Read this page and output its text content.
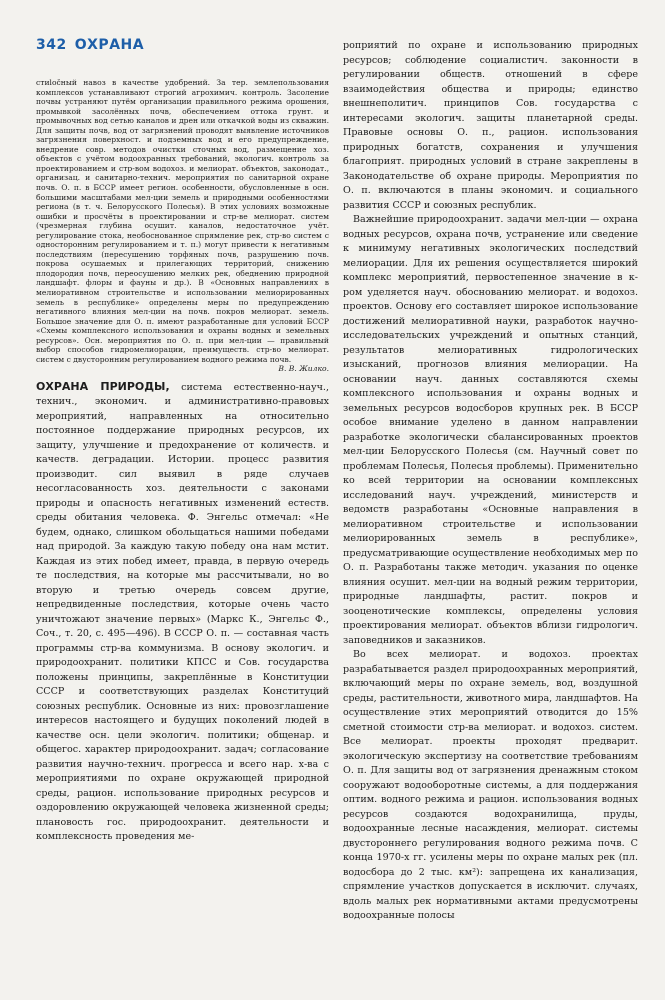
342 ОХРАНА

стиločный навоз в качестве удобрений. За тер. землепользования комплексов устанавливают строгий агрохимич. контроль. Засоление почвы устраняют путём организации правильного режима орошения, промывкой засолённых почв, обеспечением оттока грунт. и промывочных вод сетью каналов и дрен или откачкой воды из скважин. Для защиты почв, вод от загрязнений проводят выявление источников загрязнения поверхност. и подземных вод и его предупреждение, внедрение совр. методов очистки сточных вод, размещение хоз. объектов с учётом водоохранных требований, экологич. контроль за проектированием и стр-вом водохоз. и мелиорат. объектов, законодат., организац. и санитарно-технич. мероприятия по санитарной охране почв. О. п. в БССР имеет регион. особенности, обусловленные в осн. большими масштабами мел-ции земель и природными особенностями региона (в т. ч. Белорусского Полесья). В этих условиях возможные ошибки и просчёты в проектировании и стр-ве мелиорат. систем (чрезмерная глубина осушит. каналов, недостаточное учёт. регулирование стока, необоснованное спрямление рек, стр-во систем с односторонним регулированием и т. п.) могут привести к негативным последствиям (пересушению торфяных почв, разрушению почв. покрова осушаемых и прилегающих территорий, снижению плодородия почв, переосушению мелких рек, обеднению природной ландшафт. флоры и фауны и др.). В «Основных направлениях в мелиоративном строительстве и использовании мелиорированных земель в республике» определены меры по предупреждению негативного влияния мел-ции на почв. покров мелиорат. земель. Большое значение для О. п. имеют разработанные для условий БССР «Схемы комплексного использования и охраны водных и земельных ресурсов». Осн. мероприятия по О. п. при мел-ции — правильный выбор способов гидромелиорации, преимуществ. стр-во мелиорат. систем с двусторонним регулированием водного режима почв.

В. В. Жилко.

ОХРАНА ПРИРОДЫ, система естественно-науч., технич., экономич. и административно-правовых мероприятий, направленных на относительно постоянное поддержание природных ресурсов, их защиту, улучшение и предохранение от количеств. и качеств. деградации. Истории. процесс развития производит. сил выявил в ряде случаев несогласованность хоз. деятельности с законами природы и опасность негативных изменений естеств. среды обитания человека. Ф. Энгельс отмечал: «Не будем, однако, слишком обольщаться нашими победами над природой. За каждую такую победу она нам мстит. Каждая из этих побед имеет, правда, в первую очередь те последствия, на которые мы рассчитывали, но во вторую и третью очередь совсем другие, непредвиденные последствия, которые очень часто уничтожают значение первых» (Маркс К., Энгельс Ф., Соч., т. 20, с. 495—496). В СССР О. п. — составная часть программы стр-ва коммунизма. В основу экологич. и природоохранит. политики КПСС и Сов. государства положены принципы, закреплённые в Конституции СССР и соответствующих разделах Конституций союзных республик. Основные из них: провозглашение интересов настоящего и будущих поколений людей в качестве осн. цели экологич. политики; общенар. и общегос. характер природоохранит. задач; согласование развития научно-технич. прогресса и всего нар. х-ва с мероприятиями по охране окружающей природной среды, рацион. использование природных ресурсов и оздоровлению окружающей человека жизненной среды; плановость гос. природоохранит. деятельности и комплексность проведения ме-

роприятий по охране и использованию природных ресурсов; соблюдение социалистич. законности в регулировании обществ. отношений в сфере взаимодействия общества и природы; единство внешнеполитич. принципов Сов. государства с интересами экологич. защиты планетарной среды. Правовые основы О. п., рацион. использования природных богатств, сохранения и улучшения благоприят. природных условий в стране закреплены в Законодательстве об охране природы. Мероприятия по О. п. включаются в планы экономич. и социального развития СССР и союзных республик.

Важнейшие природоохранит. задачи мел-ции — охрана водных ресурсов, охрана почв, устранение или сведение к минимуму негативных экологических последствий мелиорации. Для их решения осуществляется широкий комплекс мероприятий, первостепенное значение в к-ром уделяется науч. обоснованию мелиорат. и водохоз. проектов. Основу его составляет широкое использование достижений мелиоративной науки, разработок научно-исследовательских учреждений и опытных станций, результатов мелиоративных гидрологических изысканий, прогнозов влияния мелиорации. На основании науч. данных составляются схемы комплексного использования и охраны водных и земельных ресурсов водосборов крупных рек. В БССР особое внимание уделено в данном направлении разработке экологически сбалансированных проектов мел-ции Белорусского Полесья (см. Научный совет по проблемам Полесья, Полесья проблемы). Применительно ко всей территории на основании комплексных исследований науч. учреждений, министерств и ведомств разработаны «Основные направления в мелиоративном строительстве и использовании мелиорированных земель в республике», предусматривающие осуществление необходимых мер по О. п. Разработаны также методич. указания по оценке влияния осушит. мел-ции на водный режим территории, природные ландшафты, растит. покров и зооценотические комплексы, определены условия проектирования мелиорат. объектов вблизи гидрологич. заповедников и заказников.

Во всех мелиорат. и водохоз. проектах разрабатывается раздел природоохранных мероприятий, включающий меры по охране земель, вод, воздушной среды, растительности, животного мира, ландшафтов. На осуществление этих мероприятий отводится до 15% сметной стоимости стр-ва мелиорат. и водохоз. систем. Все мелиорат. проекты проходят предварит. экологическую экспертизу на соответствие требованиям О. п. Для защиты вод от загрязнения дренажным стоком сооружают водооборотные системы, а для поддержания оптим. водного режима и рацион. использования водных ресурсов создаются водохранилища, пруды, водоохранные лесные насаждения, мелиорат. системы двустороннего регулирования водного режима почв. С конца 1970-х гг. усилены меры по охране малых рек (пл. водосбора до 2 тыс. км²): запрещена их канализация, спрямление участков допускается в исключит. случаях, вдоль малых рек нормативными актами предусмотрены водоохранные полосы
